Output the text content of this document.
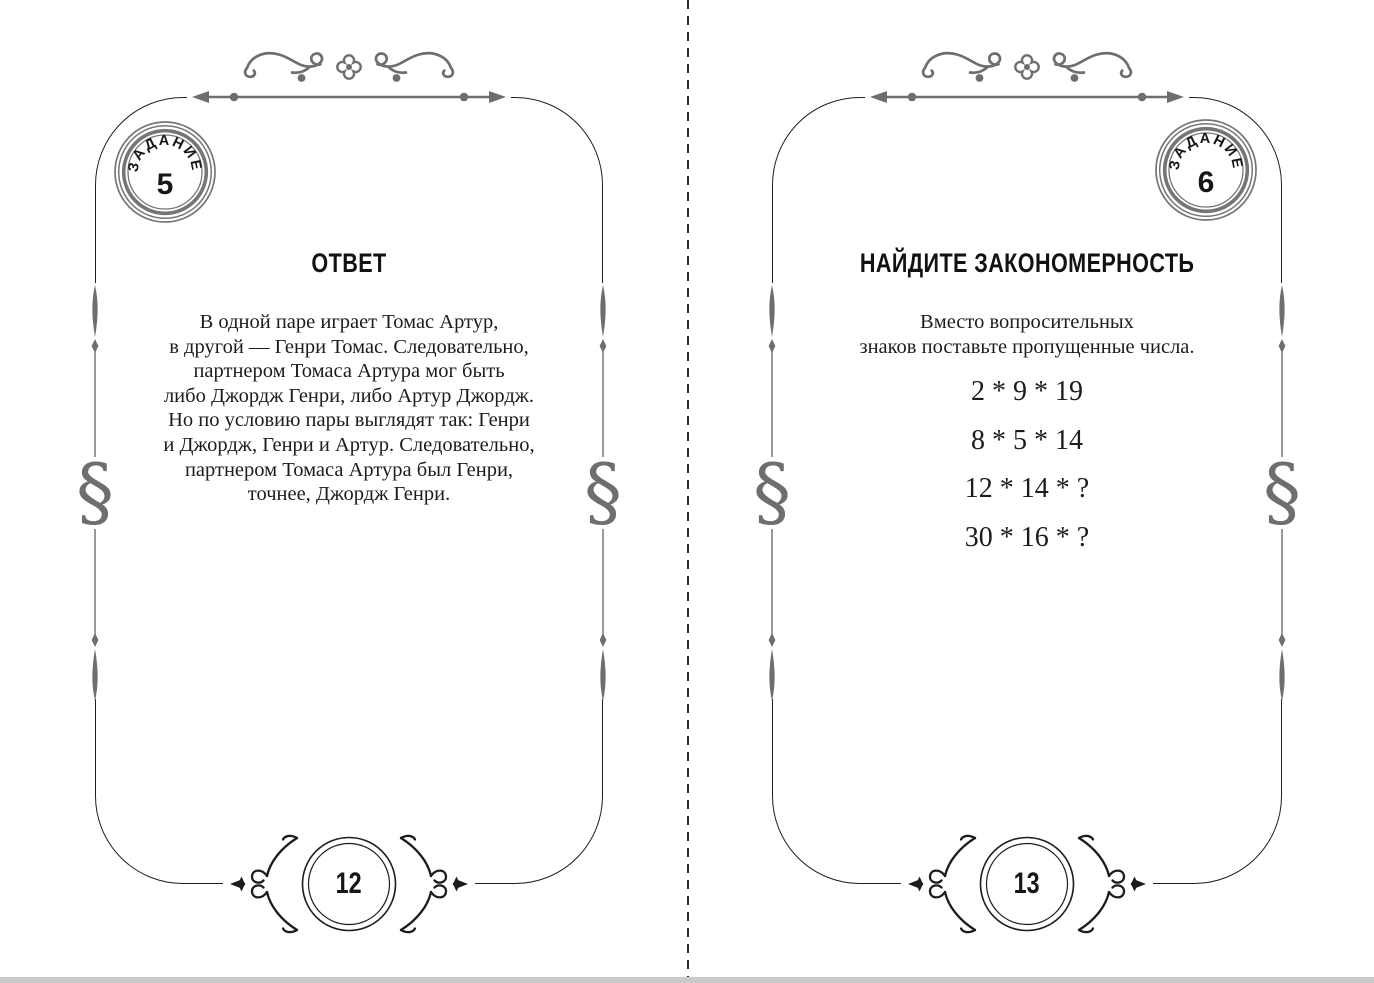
§	§
ЗАДАНИЕ
5
ОТВЕТ
В одной паре играет Томас Артур,
в другой — Генри Томас. Следовательно,
партнером Томаса Артура мог быть
либо Джордж Генри, либо Артур Джордж.
Но по условию пары выглядят так: Генри
и Джордж, Генри и Артур. Следовательно,
партнером Томаса Артура был Генри,
точнее, Джордж Генри.
12
§	§
ЗАДАНИЕ
6
НАЙДИТЕ ЗАКОНОМЕРНОСТЬ
Вместо вопросительных
знаков поставьте пропущенные числа.
2 * 9 * 19
8 * 5 * 14
12 * 14 * ?
30 * 16 * ?
13
